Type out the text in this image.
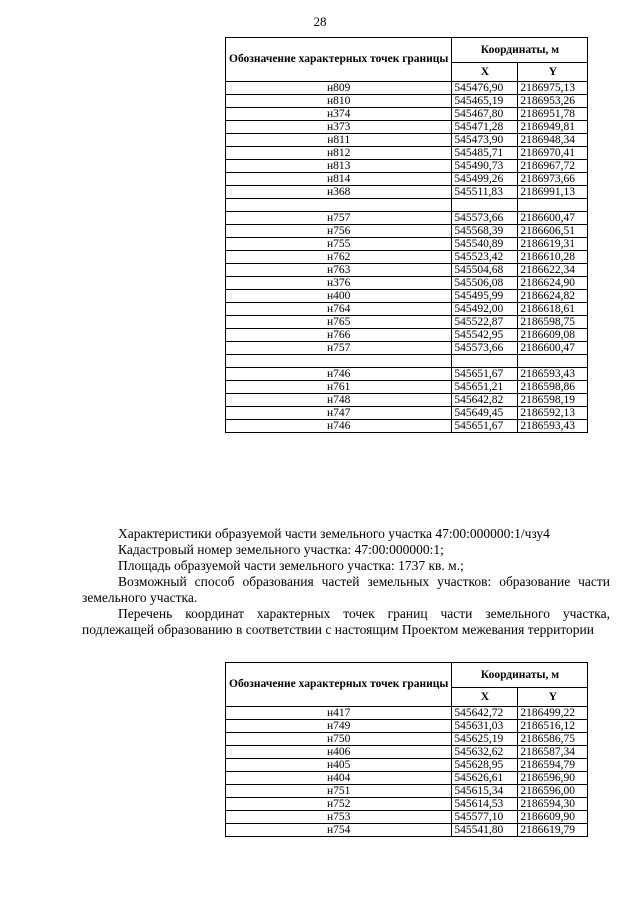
28
Обозначение характерных точек границы	Координаты, м	
	X	Y
н809	545476,90	2186975,13
н810	545465,19	2186953,26
н374	545467,80	2186951,78
н373	545471,28	2186949,81
н811	545473,90	2186948,34
н812	545485,71	2186970,41
н813	545490,73	2186967,72
н814	545499,26	2186973,66
н368	545511,83	2186991,13

н757	545573,66	2186600,47
н756	545568,39	2186606,51
н755	545540,89	2186619,31
н762	545523,42	2186610,28
н763	545504,68	2186622,34
н376	545506,08	2186624,90
н400	545495,99	2186624,82
н764	545492,00	2186618,61
н765	545522,87	2186598,75
н766	545542,95	2186609,08
н757	545573,66	2186600,47

н746	545651,67	2186593,43
н761	545651,21	2186598,86
н748	545642,82	2186598,19
н747	545649,45	2186592,13
н746	545651,67	2186593,43

Характеристики образуемой части земельного участка 47:00:000000:1/чзу4

Кадастровый номер земельного участка: 47:00:000000:1;

Площадь образуемой части земельного участка: 1737 кв. м.;

Возможный способ образования частей земельных участков: образование части земельного участка.

Перечень координат характерных точек границ части земельного участка, подлежащей образованию в соответствии с настоящим Проектом межевания территории

Обозначение характерных точек границы	Координаты, м	
	X	Y
н417	545642,72	2186499,22
н749	545631,03	2186516,12
н750	545625,19	2186586,75
н406	545632,62	2186587,34
н405	545628,95	2186594,79
н404	545626,61	2186596,90
н751	545615,34	2186596,00
н752	545614,53	2186594,30
н753	545577,10	2186609,90
н754	545541,80	2186619,79
